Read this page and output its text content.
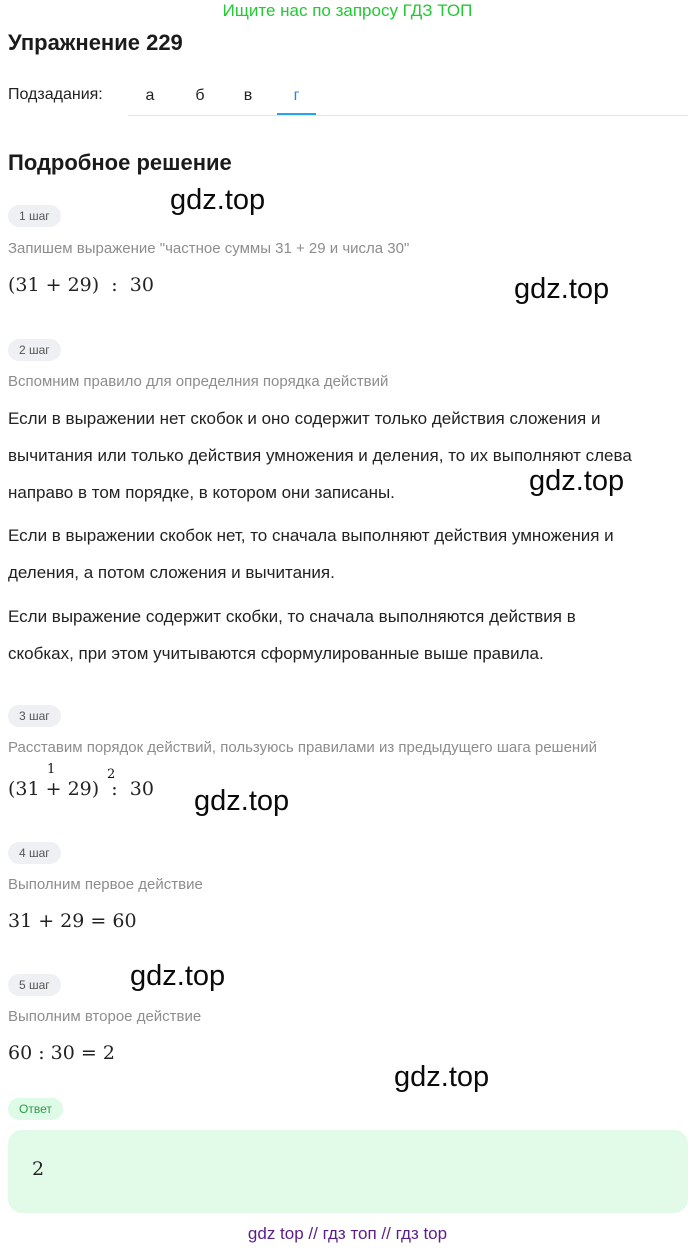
Ищите нас по запросу ГДЗ ТОП
Упражнение 229
Подзадания:	а	б	в	г
Подробное решение
1 шаг
Запишем выражение "частное суммы 31 + 29 и числа 30"
(31 + 29)  :  30
2 шаг
Вспомним правило для определния порядка действий
Если в выражении нет скобок и оно содержит только действия сложения и
вычитания или только действия умножения и деления, то их выполняют слева
направо в том порядке, в котором они записаны.
Если в выражении скобок нет, то сначала выполняют действия умножения и
деления, а потом сложения и вычитания.
Если выражение содержит скобки, то сначала выполняются действия в
скобках, при этом учитываются сформулированные выше правила.
3 шаг
Расставим порядок действий, пользуюсь правилами из предыдущего шага решений
(31 + 29)  :  30
1	2
4 шаг
Выполним первое действие
31 + 29 = 60
5 шаг
Выполним второе действие
60 : 30 = 2
Ответ
2
gdz.top
gdz.top
gdz.top
gdz.top
gdz.top
gdz.top
gdz top // гдз топ // гдз top
